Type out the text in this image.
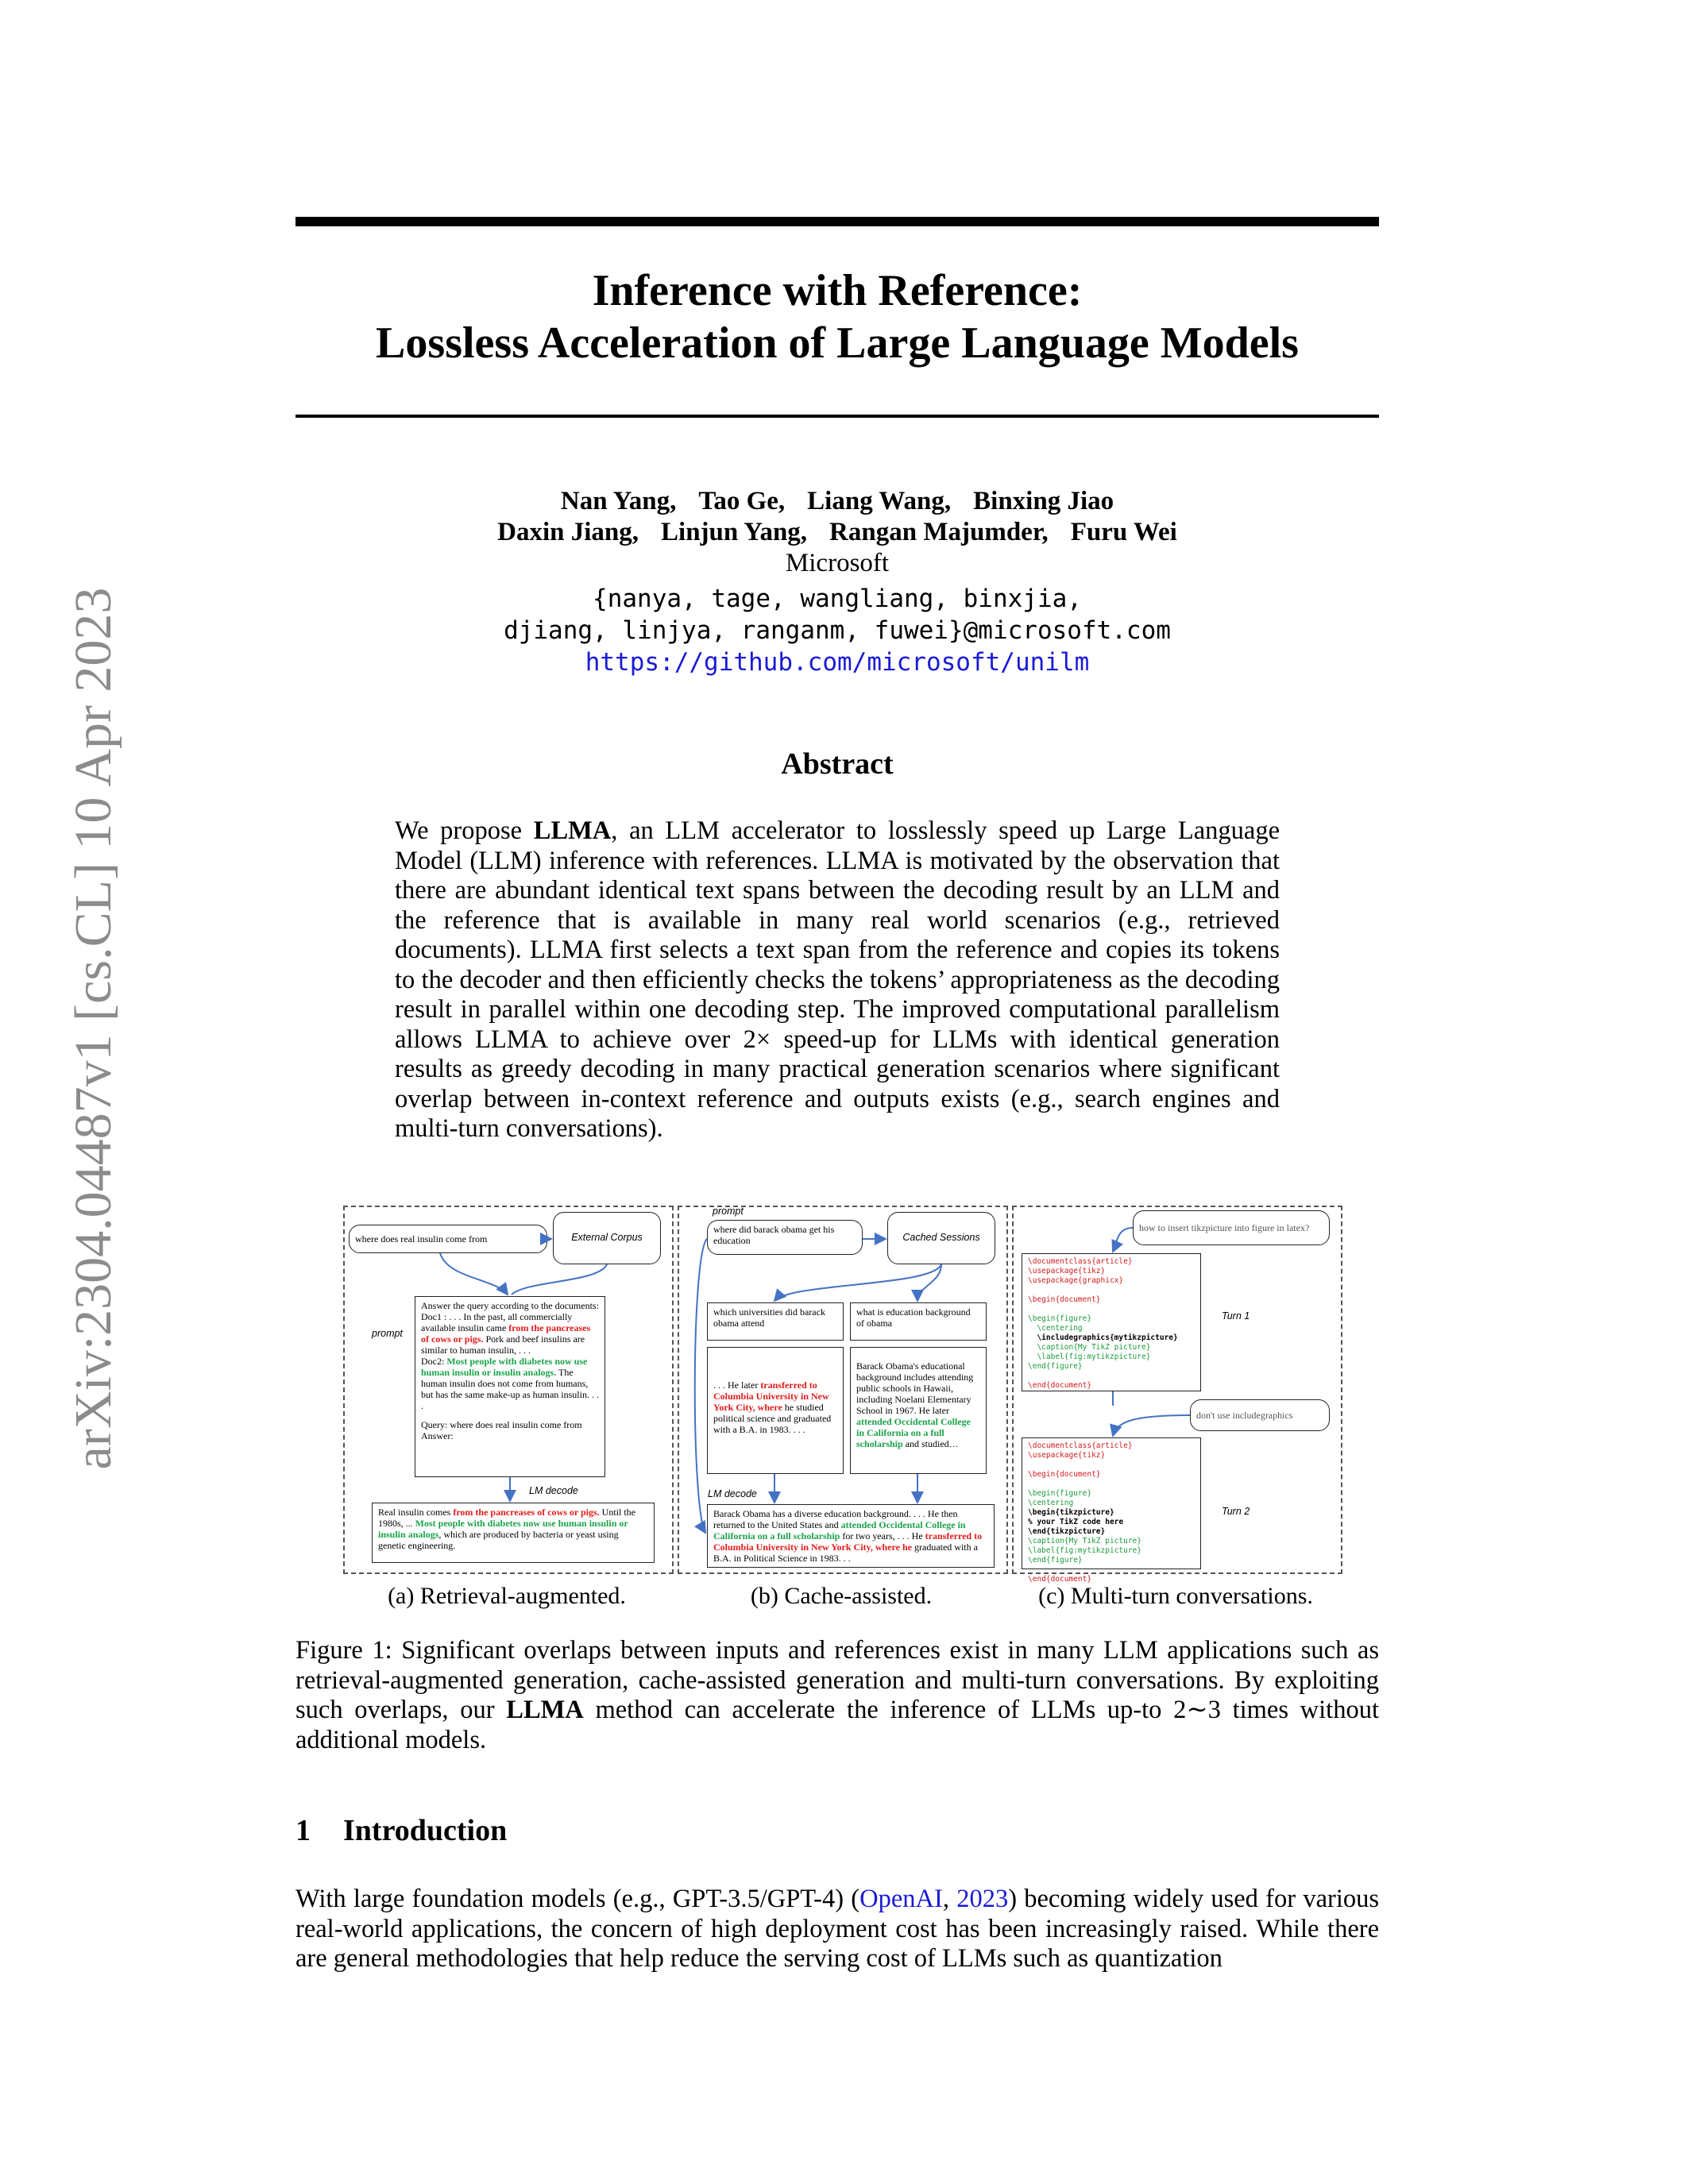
arXiv:2304.04487v1 [cs.CL] 10 Apr 2023
Inference with Reference:
Lossless Acceleration of Large Language Models
Nan Yang, Tao Ge, Liang Wang, Binxing Jiao
Daxin Jiang, Linjun Yang, Rangan Majumder, Furu Wei
Microsoft
{nanya, tage, wangliang, binxjia,
djiang, linjya, ranganm, fuwei}@microsoft.com
https://github.com/microsoft/unilm
Abstract
We propose LLMA, an LLM accelerator to losslessly speed up Large Language Model (LLM) inference with references. LLMA is motivated by the observation that there are abundant identical text spans between the decoding result by an LLM and the reference that is available in many real world scenarios (e.g., retrieved documents). LLMA first selects a text span from the reference and copies its tokens to the decoder and then efficiently checks the tokens’ appropriateness as the decoding result in parallel within one decoding step. The improved computational parallelism allows LLMA to achieve over 2× speed-up for LLMs with identical generation results as greedy decoding in many practical generation scenarios where significant overlap between in-context reference and outputs exists (e.g., search engines and multi-turn conversations).
where does real insulin come from	External Corpus
prompt
Answer the query according to the documents:
Doc1 : . . . In the past, all commercially available insulin came from the pancreases of cows or pigs. Pork and beef insulins are similar to human insulin, . . .
Doc2: Most people with diabetes now use human insulin or insulin analogs. The human insulin does not come from humans, but has the same make-up as human insulin. . . .
Query: where does real insulin come from
Answer:
LM decode
Real insulin comes from the pancreases of cows or pigs. Until the 1980s, ... Most people with diabetes now use human insulin or insulin analogs, which are produced by bacteria or yeast using genetic engineering.
prompt
where did barack obama get his education	Cached Sessions
which universities did barack obama attend
what is education background of obama
. . . He later transferred to Columbia University in New York City, where he studied political science and graduated with a B.A. in 1983. . . .
Barack Obama's educational background includes attending public schools in Hawaii, including Noelani Elementary School in 1967. He later attended Occidental College in California on a full scholarship and studied…
LM decode
Barack Obama has a diverse education background. . . . He then returned to the United States and attended Occidental College in California on a full scholarship for two years, . . . He transferred to Columbia University in New York City, where he graduated with a B.A. in Political Science in 1983. . .
how to insert tikzpicture into figure in latex?
\documentclass{article}
\usepackage{tikz}
\usepackage{graphicx}
\begin{document}
\begin{figure}
\centering
\includegraphics{mytikzpicture}
\caption{My TikZ picture}
\label{fig:mytikzpicture}
\end{figure}
\end{document}
Turn 1
don't use includegraphics
\documentclass{article}
\usepackage{tikz}
\begin{document}
\begin{figure}
\centering
\begin{tikzpicture}
% your TikZ code here
\end{tikzpicture}
\caption{My TikZ picture}
\label{fig:mytikzpicture}
\end{figure}
\end{document}
Turn 2
(a) Retrieval-augmented.	(b) Cache-assisted.	(c) Multi-turn conversations.
Figure 1: Significant overlaps between inputs and references exist in many LLM applications such as retrieval-augmented generation, cache-assisted generation and multi-turn conversations. By exploiting such overlaps, our LLMA method can accelerate the inference of LLMs up-to 2∼3 times without additional models.
1 Introduction
With large foundation models (e.g., GPT-3.5/GPT-4) (OpenAI, 2023) becoming widely used for various real-world applications, the concern of high deployment cost has been increasingly raised. While there are general methodologies that help reduce the serving cost of LLMs such as quantization
